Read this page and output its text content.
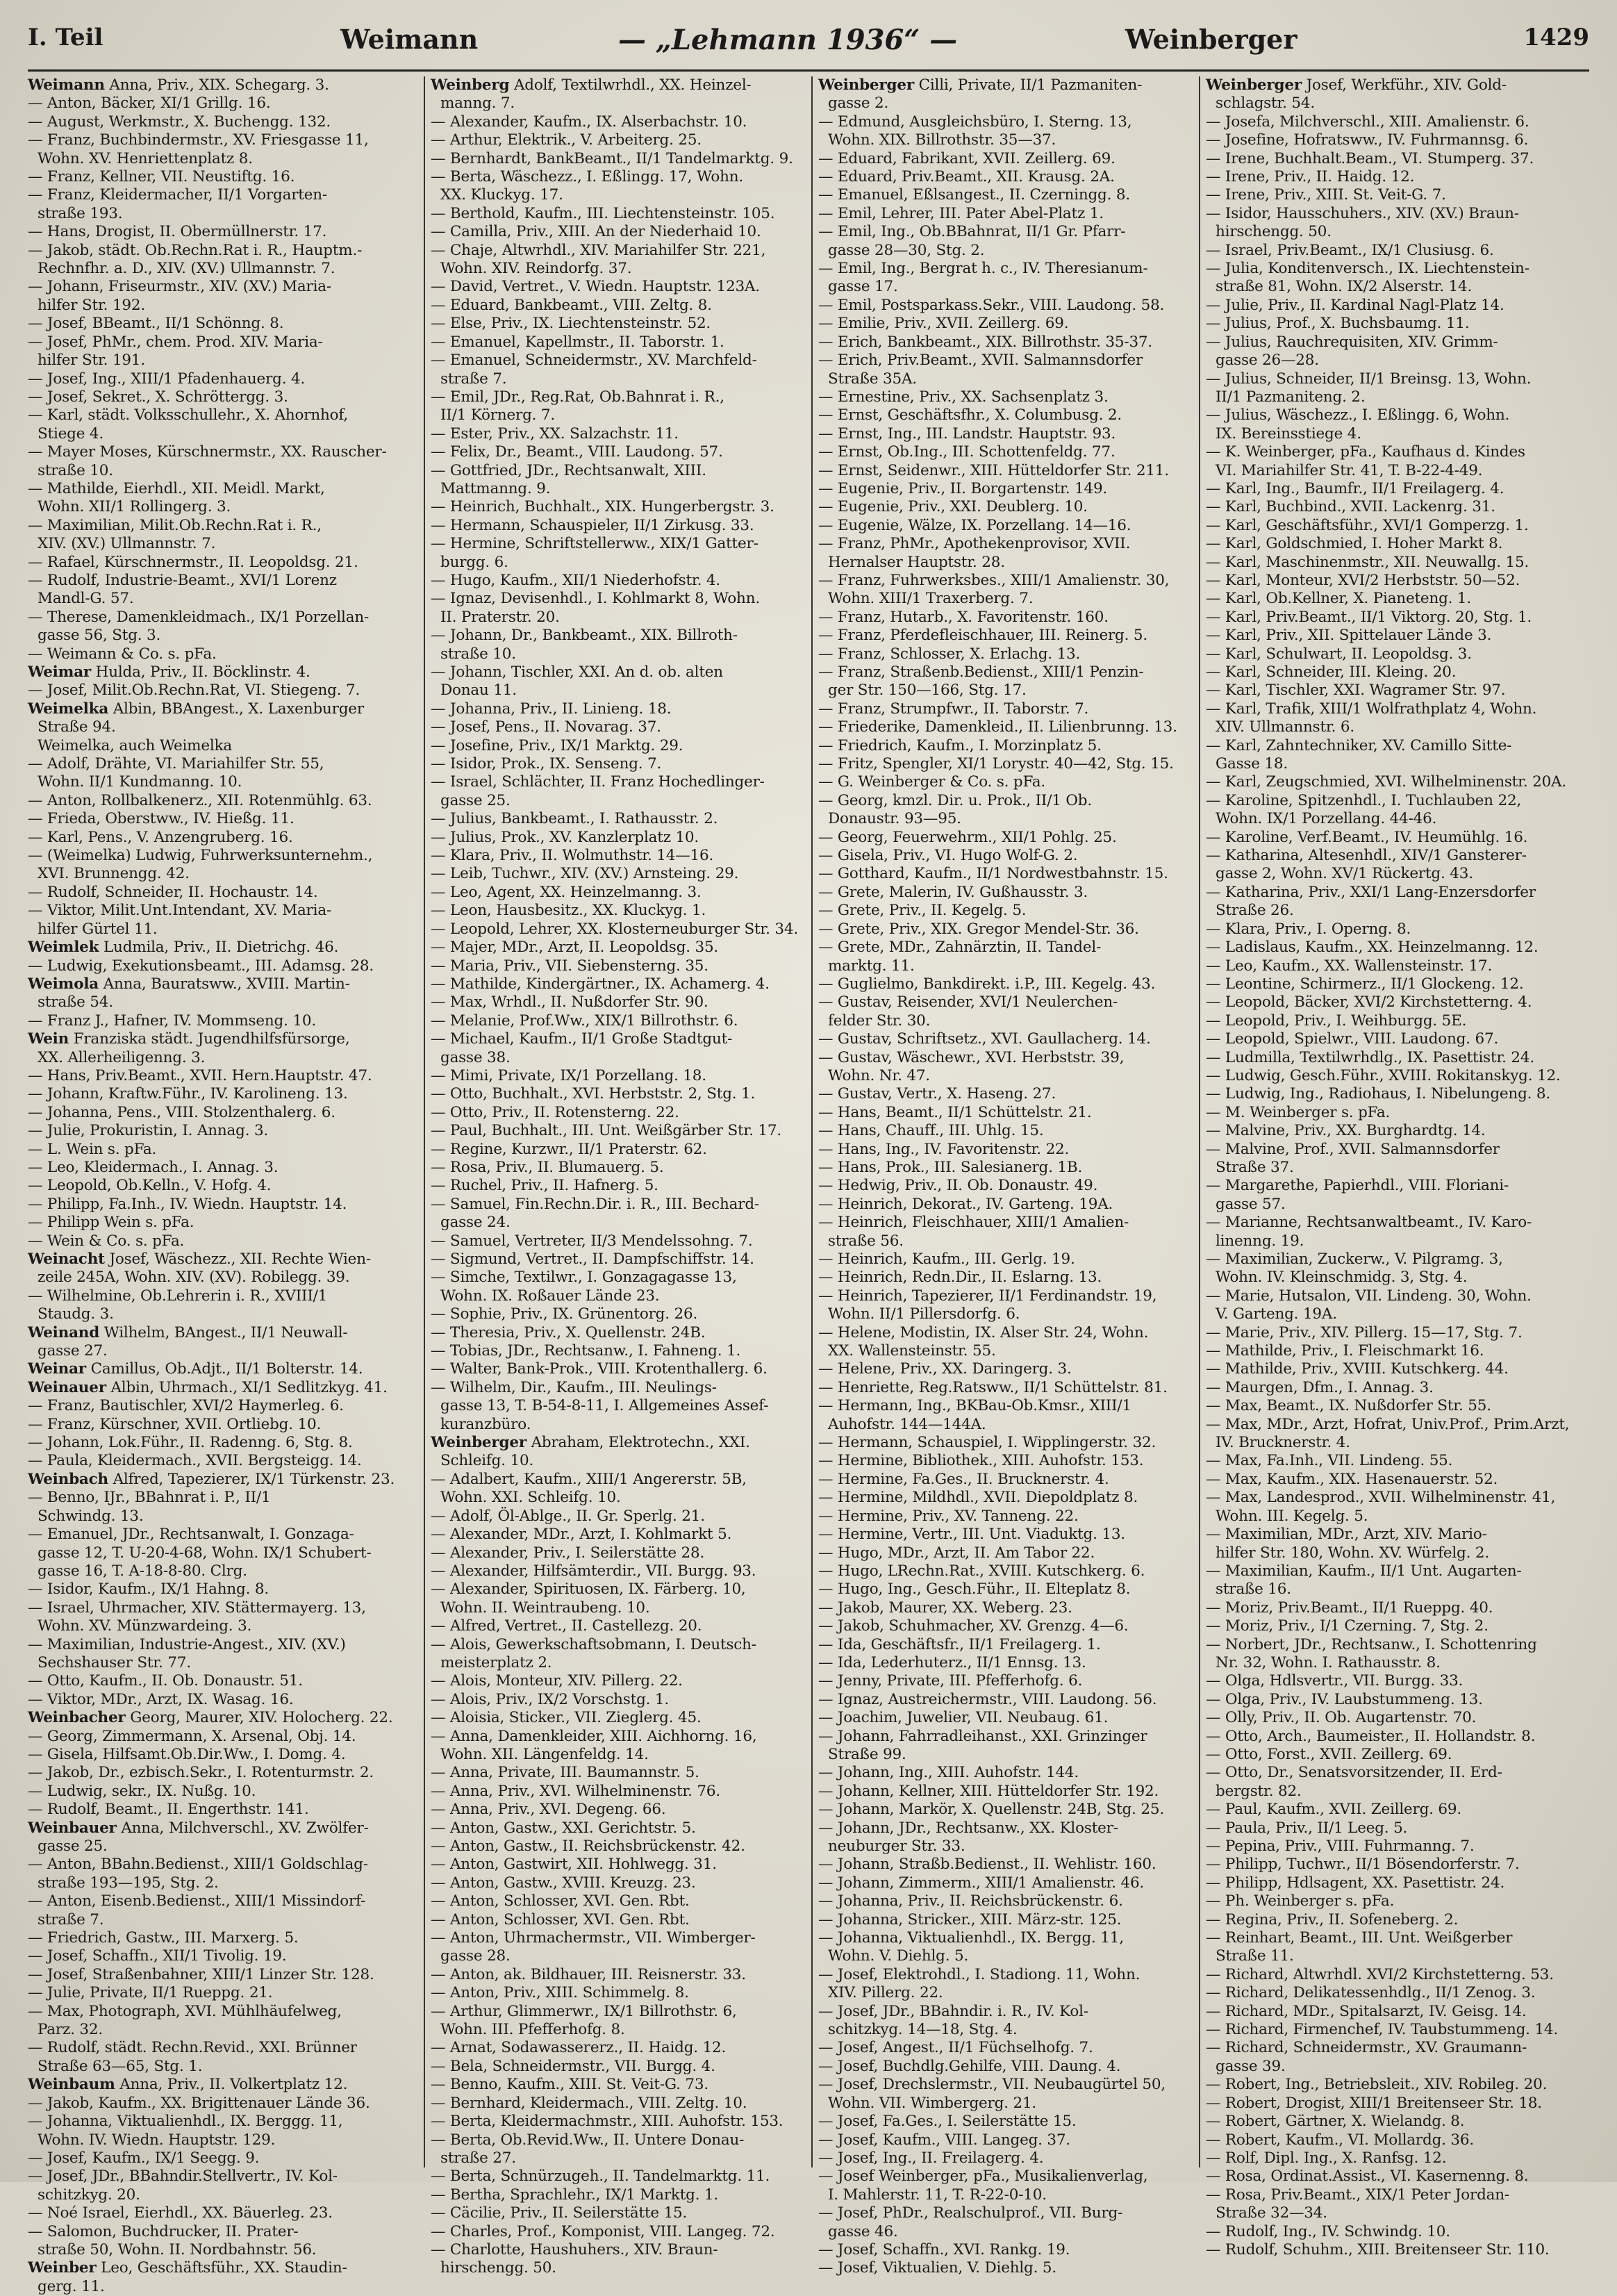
I. Teil	Weimann	— „Lehmann 1936“ —	Weinberger	1429
Weimann Anna, Priv., XIX. Schegarg. 3.
— Anton, Bäcker, XI/1 Grillg. 16.
— August, Werkmstr., X. Buchengg. 132.
— Franz, Buchbindermstr., XV. Friesgasse 11,
Wohn. XV. Henriettenplatz 8.
— Franz, Kellner, VII. Neustiftg. 16.
— Franz, Kleidermacher, II/1 Vorgarten-
straße 193.
— Hans, Drogist, II. Obermüllnerstr. 17.
— Jakob, städt. Ob.Rechn.Rat i. R., Hauptm.-
Rechnfhr. a. D., XIV. (XV.) Ullmannstr. 7.
— Johann, Friseurmstr., XIV. (XV.) Maria-
hilfer Str. 192.
— Josef, BBeamt., II/1 Schönng. 8.
— Josef, PhMr., chem. Prod. XIV. Maria-
hilfer Str. 191.
— Josef, Ing., XIII/1 Pfadenhauerg. 4.
— Josef, Sekret., X. Schröttergg. 3.
— Karl, städt. Volksschullehr., X. Ahornhof,
Stiege 4.
— Mayer Moses, Kürschnermstr., XX. Rauscher-
straße 10.
— Mathilde, Eierhdl., XII. Meidl. Markt,
Wohn. XII/1 Rollingerg. 3.
— Maximilian, Milit.Ob.Rechn.Rat i. R.,
XIV. (XV.) Ullmannstr. 7.
— Rafael, Kürschnermstr., II. Leopoldsg. 21.
— Rudolf, Industrie-Beamt., XVI/1 Lorenz
Mandl-G. 57.
— Therese, Damenkleidmach., IX/1 Porzellan-
gasse 56, Stg. 3.
— Weimann & Co. s. pFa.
Weimar Hulda, Priv., II. Böcklinstr. 4.
— Josef, Milit.Ob.Rechn.Rat, VI. Stiegeng. 7.
Weimelka Albin, BBAngest., X. Laxenburger
Straße 94.
Weimelka, auch Weimelka
— Adolf, Drähte, VI. Mariahilfer Str. 55,
Wohn. II/1 Kundmanng. 10.
— Anton, Rollbalkenerz., XII. Rotenmühlg. 63.
— Frieda, Oberstww., IV. Hießg. 11.
— Karl, Pens., V. Anzengruberg. 16.
— (Weimelka) Ludwig, Fuhrwerksunternehm.,
XVI. Brunnengg. 42.
— Rudolf, Schneider, II. Hochaustr. 14.
— Viktor, Milit.Unt.Intendant, XV. Maria-
hilfer Gürtel 11.
Weimlek Ludmila, Priv., II. Dietrichg. 46.
— Ludwig, Exekutionsbeamt., III. Adamsg. 28.
Weimola Anna, Bauratsww., XVIII. Martin-
straße 54.
— Franz J., Hafner, IV. Mommseng. 10.
Wein Franziska städt. Jugendhilfsfürsorge,
XX. Allerheiligenng. 3.
— Hans, Priv.Beamt., XVII. Hern.Hauptstr. 47.
— Johann, Kraftw.Führ., IV. Karolineng. 13.
— Johanna, Pens., VIII. Stolzenthalerg. 6.
— Julie, Prokuristin, I. Annag. 3.
— L. Wein s. pFa.
— Leo, Kleidermach., I. Annag. 3.
— Leopold, Ob.Kelln., V. Hofg. 4.
— Philipp, Fa.Inh., IV. Wiedn. Hauptstr. 14.
— Philipp Wein s. pFa.
— Wein & Co. s. pFa.
Weinacht Josef, Wäschezz., XII. Rechte Wien-
zeile 245A, Wohn. XIV. (XV). Robilegg. 39.
— Wilhelmine, Ob.Lehrerin i. R., XVIII/1
Staudg. 3.
Weinand Wilhelm, BAngest., II/1 Neuwall-
gasse 27.
Weinar Camillus, Ob.Adjt., II/1 Bolterstr. 14.
Weinauer Albin, Uhrmach., XI/1 Sedlitzkyg. 41.
— Franz, Bautischler, XVI/2 Haymerleg. 6.
— Franz, Kürschner, XVII. Ortliebg. 10.
— Johann, Lok.Führ., II. Radenng. 6, Stg. 8.
— Paula, Kleidermach., XVII. Bergsteigg. 14.
Weinbach Alfred, Tapezierer, IX/1 Türkenstr. 23.
— Benno, IJr., BBahnrat i. P., II/1
Schwindg. 13.
— Emanuel, JDr., Rechtsanwalt, I. Gonzaga-
gasse 12, T. U-20-4-68, Wohn. IX/1 Schubert-
gasse 16, T. A-18-8-80. Clrg.
— Isidor, Kaufm., IX/1 Hahng. 8.
— Israel, Uhrmacher, XIV. Stättermayerg. 13,
Wohn. XV. Münzwardeing. 3.
— Maximilian, Industrie-Angest., XIV. (XV.)
Sechshauser Str. 77.
— Otto, Kaufm., II. Ob. Donaustr. 51.
— Viktor, MDr., Arzt, IX. Wasag. 16.
Weinbacher Georg, Maurer, XIV. Holocherg. 22.
— Georg, Zimmermann, X. Arsenal, Obj. 14.
— Gisela, Hilfsamt.Ob.Dir.Ww., I. Domg. 4.
— Jakob, Dr., ezbisch.Sekr., I. Rotenturmstr. 2.
— Ludwig, sekr., IX. Nußg. 10.
— Rudolf, Beamt., II. Engerthstr. 141.
Weinbauer Anna, Milchverschl., XV. Zwölfer-
gasse 25.
— Anton, BBahn.Bedienst., XIII/1 Goldschlag-
straße 193—195, Stg. 2.
— Anton, Eisenb.Bedienst., XIII/1 Missindorf-
straße 7.
— Friedrich, Gastw., III. Marxerg. 5.
— Josef, Schaffn., XII/1 Tivolig. 19.
— Josef, Straßenbahner, XIII/1 Linzer Str. 128.
— Julie, Private, II/1 Rueppg. 21.
— Max, Photograph, XVI. Mühlhäufelweg,
Parz. 32.
— Rudolf, städt. Rechn.Revid., XXI. Brünner
Straße 63—65, Stg. 1.
Weinbaum Anna, Priv., II. Volkertplatz 12.
— Jakob, Kaufm., XX. Brigittenauer Lände 36.
— Johanna, Viktualienhdl., IX. Berggg. 11,
Wohn. IV. Wiedn. Hauptstr. 129.
— Josef, Kaufm., IX/1 Seegg. 9.
— Josef, JDr., BBahndir.Stellvertr., IV. Kol-
schitzkyg. 20.
— Noé Israel, Eierhdl., XX. Bäuerleg. 23.
— Salomon, Buchdrucker, II. Prater-
straße 50, Wohn. II. Nordbahnstr. 56.
Weinber Leo, Geschäftsführ., XX. Staudin-
gerg. 11.
Weinberg Adolf, Textilwrhdl., XX. Heinzel-
manng. 7.
— Alexander, Kaufm., IX. Alserbachstr. 10.
— Arthur, Elektrik., V. Arbeiterg. 25.
— Bernhardt, BankBeamt., II/1 Tandelmarktg. 9.
— Berta, Wäschezz., I. Eßlingg. 17, Wohn.
XX. Kluckyg. 17.
— Berthold, Kaufm., III. Liechtensteinstr. 105.
— Camilla, Priv., XIII. An der Niederhaid 10.
— Chaje, Altwrhdl., XIV. Mariahilfer Str. 221,
Wohn. XIV. Reindorfg. 37.
— David, Vertret., V. Wiedn. Hauptstr. 123A.
— Eduard, Bankbeamt., VIII. Zeltg. 8.
— Else, Priv., IX. Liechtensteinstr. 52.
— Emanuel, Kapellmstr., II. Taborstr. 1.
— Emanuel, Schneidermstr., XV. Marchfeld-
straße 7.
— Emil, JDr., Reg.Rat, Ob.Bahnrat i. R.,
II/1 Körnerg. 7.
— Ester, Priv., XX. Salzachstr. 11.
— Felix, Dr., Beamt., VIII. Laudong. 57.
— Gottfried, JDr., Rechtsanwalt, XIII.
Mattmanng. 9.
— Heinrich, Buchhalt., XIX. Hungerbergstr. 3.
— Hermann, Schauspieler, II/1 Zirkusg. 33.
— Hermine, Schriftstellerww., XIX/1 Gatter-
burgg. 6.
— Hugo, Kaufm., XII/1 Niederhofstr. 4.
— Ignaz, Devisenhdl., I. Kohlmarkt 8, Wohn.
II. Praterstr. 20.
— Johann, Dr., Bankbeamt., XIX. Billroth-
straße 10.
— Johann, Tischler, XXI. An d. ob. alten
Donau 11.
— Johanna, Priv., II. Linieng. 18.
— Josef, Pens., II. Novarag. 37.
— Josefine, Priv., IX/1 Marktg. 29.
— Isidor, Prok., IX. Senseng. 7.
— Israel, Schlächter, II. Franz Hochedlinger-
gasse 25.
— Julius, Bankbeamt., I. Rathausstr. 2.
— Julius, Prok., XV. Kanzlerplatz 10.
— Klara, Priv., II. Wolmuthstr. 14—16.
— Leib, Tuchwr., XIV. (XV.) Arnsteing. 29.
— Leo, Agent, XX. Heinzelmanng. 3.
— Leon, Hausbesitz., XX. Kluckyg. 1.
— Leopold, Lehrer, XX. Klosterneuburger Str. 34.
— Majer, MDr., Arzt, II. Leopoldsg. 35.
— Maria, Priv., VII. Siebensterng. 35.
— Mathilde, Kindergärtner., IX. Achamerg. 4.
— Max, Wrhdl., II. Nußdorfer Str. 90.
— Melanie, Prof.Ww., XIX/1 Billrothstr. 6.
— Michael, Kaufm., II/1 Große Stadtgut-
gasse 38.
— Mimi, Private, IX/1 Porzellang. 18.
— Otto, Buchhalt., XVI. Herbststr. 2, Stg. 1.
— Otto, Priv., II. Rotensterng. 22.
— Paul, Buchhalt., III. Unt. Weißgärber Str. 17.
— Regine, Kurzwr., II/1 Praterstr. 62.
— Rosa, Priv., II. Blumauerg. 5.
— Ruchel, Priv., II. Hafnerg. 5.
— Samuel, Fin.Rechn.Dir. i. R., III. Bechard-
gasse 24.
— Samuel, Vertreter, II/3 Mendelssohng. 7.
— Sigmund, Vertret., II. Dampfschiffstr. 14.
— Simche, Textilwr., I. Gonzagagasse 13,
Wohn. IX. Roßauer Lände 23.
— Sophie, Priv., IX. Grünentorg. 26.
— Theresia, Priv., X. Quellenstr. 24B.
— Tobias, JDr., Rechtsanw., I. Fahneng. 1.
— Walter, Bank-Prok., VIII. Krotenthallerg. 6.
— Wilhelm, Dir., Kaufm., III. Neulings-
gasse 13, T. B-54-8-11, I. Allgemeines Assef-
kuranzbüro.
Weinberger Abraham, Elektrotechn., XXI.
Schleifg. 10.
— Adalbert, Kaufm., XIII/1 Angererstr. 5B,
Wohn. XXI. Schleifg. 10.
— Adolf, Öl-Ablge., II. Gr. Sperlg. 21.
— Alexander, MDr., Arzt, I. Kohlmarkt 5.
— Alexander, Priv., I. Seilerstätte 28.
— Alexander, Hilfsämterdir., VII. Burgg. 93.
— Alexander, Spirituosen, IX. Färberg. 10,
Wohn. II. Weintraubeng. 10.
— Alfred, Vertret., II. Castellezg. 20.
— Alois, Gewerkschaftsobmann, I. Deutsch-
meisterplatz 2.
— Alois, Monteur, XIV. Pillerg. 22.
— Alois, Priv., IX/2 Vorschstg. 1.
— Aloisia, Sticker., VII. Zieglerg. 45.
— Anna, Damenkleider, XIII. Aichhorng. 16,
Wohn. XII. Längenfeldg. 14.
— Anna, Private, III. Baumannstr. 5.
— Anna, Priv., XVI. Wilhelminenstr. 76.
— Anna, Priv., XVI. Degeng. 66.
— Anton, Gastw., XXI. Gerichtstr. 5.
— Anton, Gastw., II. Reichsbrückenstr. 42.
— Anton, Gastwirt, XII. Hohlwegg. 31.
— Anton, Gastw., XVIII. Kreuzg. 23.
— Anton, Schlosser, XVI. Gen. Rbt.
— Anton, Schlosser, XVI. Gen. Rbt.
— Anton, Uhrmachermstr., VII. Wimberger-
gasse 28.
— Anton, ak. Bildhauer, III. Reisnerstr. 33.
— Anton, Priv., XIII. Schimmelg. 8.
— Arthur, Glimmerwr., IX/1 Billrothstr. 6,
Wohn. III. Pfefferhofg. 8.
— Arnat, Sodawassererz., II. Haidg. 12.
— Bela, Schneidermstr., VII. Burgg. 4.
— Benno, Kaufm., XIII. St. Veit-G. 73.
— Bernhard, Kleidermach., VIII. Zeltg. 10.
— Berta, Kleidermachmstr., XIII. Auhofstr. 153.
— Berta, Ob.Revid.Ww., II. Untere Donau-
straße 27.
— Berta, Schnürzugeh., II. Tandelmarktg. 11.
— Bertha, Sprachlehr., IX/1 Marktg. 1.
— Cäcilie, Priv., II. Seilerstätte 15.
— Charles, Prof., Komponist, VIII. Langeg. 72.
— Charlotte, Haushuhers., XIV. Braun-
hirschengg. 50.
Weinberger Cilli, Private, II/1 Pazmaniten-
gasse 2.
— Edmund, Ausgleichsbüro, I. Sterng. 13,
Wohn. XIX. Billrothstr. 35—37.
— Eduard, Fabrikant, XVII. Zeillerg. 69.
— Eduard, Priv.Beamt., XII. Krausg. 2A.
— Emanuel, Eßlsangest., II. Czerningg. 8.
— Emil, Lehrer, III. Pater Abel-Platz 1.
— Emil, Ing., Ob.BBahnrat, II/1 Gr. Pfarr-
gasse 28—30, Stg. 2.
— Emil, Ing., Bergrat h. c., IV. Theresianum-
gasse 17.
— Emil, Postsparkass.Sekr., VIII. Laudong. 58.
— Emilie, Priv., XVII. Zeillerg. 69.
— Erich, Bankbeamt., XIX. Billrothstr. 35-37.
— Erich, Priv.Beamt., XVII. Salmannsdorfer
Straße 35A.
— Ernestine, Priv., XX. Sachsenplatz 3.
— Ernst, Geschäftsfhr., X. Columbusg. 2.
— Ernst, Ing., III. Landstr. Hauptstr. 93.
— Ernst, Ob.Ing., III. Schottenfeldg. 77.
— Ernst, Seidenwr., XIII. Hütteldorfer Str. 211.
— Eugenie, Priv., II. Borgartenstr. 149.
— Eugenie, Priv., XXI. Deublerg. 10.
— Eugenie, Wälze, IX. Porzellang. 14—16.
— Franz, PhMr., Apothekenprovisor, XVII.
Hernalser Hauptstr. 28.
— Franz, Fuhrwerksbes., XIII/1 Amalienstr. 30,
Wohn. XIII/1 Traxerberg. 7.
— Franz, Hutarb., X. Favoritenstr. 160.
— Franz, Pferdefleischhauer, III. Reinerg. 5.
— Franz, Schlosser, X. Erlachg. 13.
— Franz, Straßenb.Bedienst., XIII/1 Penzin-
ger Str. 150—166, Stg. 17.
— Franz, Strumpfwr., II. Taborstr. 7.
— Friederike, Damenkleid., II. Lilienbrunng. 13.
— Friedrich, Kaufm., I. Morzinplatz 5.
— Fritz, Spengler, XI/1 Lorystr. 40—42, Stg. 15.
— G. Weinberger & Co. s. pFa.
— Georg, kmzl. Dir. u. Prok., II/1 Ob.
Donaustr. 93—95.
— Georg, Feuerwehrm., XII/1 Pohlg. 25.
— Gisela, Priv., VI. Hugo Wolf-G. 2.
— Gotthard, Kaufm., II/1 Nordwestbahnstr. 15.
— Grete, Malerin, IV. Gußhausstr. 3.
— Grete, Priv., II. Kegelg. 5.
— Grete, Priv., XIX. Gregor Mendel-Str. 36.
— Grete, MDr., Zahnärztin, II. Tandel-
marktg. 11.
— Guglielmo, Bankdirekt. i.P., III. Kegelg. 43.
— Gustav, Reisender, XVI/1 Neulerchen-
felder Str. 30.
— Gustav, Schriftsetz., XVI. Gaullacherg. 14.
— Gustav, Wäschewr., XVI. Herbststr. 39,
Wohn. Nr. 47.
— Gustav, Vertr., X. Haseng. 27.
— Hans, Beamt., II/1 Schüttelstr. 21.
— Hans, Chauff., III. Uhlg. 15.
— Hans, Ing., IV. Favoritenstr. 22.
— Hans, Prok., III. Salesianerg. 1B.
— Hedwig, Priv., II. Ob. Donaustr. 49.
— Heinrich, Dekorat., IV. Garteng. 19A.
— Heinrich, Fleischhauer, XIII/1 Amalien-
straße 56.
— Heinrich, Kaufm., III. Gerlg. 19.
— Heinrich, Redn.Dir., II. Eslarng. 13.
— Heinrich, Tapezierer, II/1 Ferdinandstr. 19,
Wohn. II/1 Pillersdorfg. 6.
— Helene, Modistin, IX. Alser Str. 24, Wohn.
XX. Wallensteinstr. 55.
— Helene, Priv., XX. Daringerg. 3.
— Henriette, Reg.Ratsww., II/1 Schüttelstr. 81.
— Hermann, Ing., BKBau-Ob.Kmsr., XIII/1
Auhofstr. 144—144A.
— Hermann, Schauspiel, I. Wipplingerstr. 32.
— Hermine, Bibliothek., XIII. Auhofstr. 153.
— Hermine, Fa.Ges., II. Brucknerstr. 4.
— Hermine, Mildhdl., XVII. Diepoldplatz 8.
— Hermine, Priv., XV. Tanneng. 22.
— Hermine, Vertr., III. Unt. Viaduktg. 13.
— Hugo, MDr., Arzt, II. Am Tabor 22.
— Hugo, LRechn.Rat., XVIII. Kutschkerg. 6.
— Hugo, Ing., Gesch.Führ., II. Elteplatz 8.
— Jakob, Maurer, XX. Weberg. 23.
— Jakob, Schuhmacher, XV. Grenzg. 4—6.
— Ida, Geschäftsfr., II/1 Freilagerg. 1.
— Ida, Lederhuterz., II/1 Ennsg. 13.
— Jenny, Private, III. Pfefferhofg. 6.
— Ignaz, Austreichermstr., VIII. Laudong. 56.
— Joachim, Juwelier, VII. Neubaug. 61.
— Johann, Fahrradleihanst., XXI. Grinzinger
Straße 99.
— Johann, Ing., XIII. Auhofstr. 144.
— Johann, Kellner, XIII. Hütteldorfer Str. 192.
— Johann, Markör, X. Quellenstr. 24B, Stg. 25.
— Johann, JDr., Rechtsanw., XX. Kloster-
neuburger Str. 33.
— Johann, Straßb.Bedienst., II. Wehlistr. 160.
— Johann, Zimmerm., XIII/1 Amalienstr. 46.
— Johanna, Priv., II. Reichsbrückenstr. 6.
— Johanna, Stricker., XIII. März-str. 125.
— Johanna, Viktualienhdl., IX. Bergg. 11,
Wohn. V. Diehlg. 5.
— Josef, Elektrohdl., I. Stadiong. 11, Wohn.
XIV. Pillerg. 22.
— Josef, JDr., BBahndir. i. R., IV. Kol-
schitzkyg. 14—18, Stg. 4.
— Josef, Angest., II/1 Füchselhofg. 7.
— Josef, Buchdlg.Gehilfe, VIII. Daung. 4.
— Josef, Drechslermstr., VII. Neubaugürtel 50,
Wohn. VII. Wimbergerg. 21.
— Josef, Fa.Ges., I. Seilerstätte 15.
— Josef, Kaufm., VIII. Langeg. 37.
— Josef, Ing., II. Freilagerg. 4.
— Josef Weinberger, pFa., Musikalienverlag,
I. Mahlerstr. 11, T. R-22-0-10.
— Josef, PhDr., Realschulprof., VII. Burg-
gasse 46.
— Josef, Schaffn., XVI. Rankg. 19.
— Josef, Viktualien, V. Diehlg. 5.
Weinberger Josef, Werkführ., XIV. Gold-
schlagstr. 54.
— Josefa, Milchverschl., XIII. Amalienstr. 6.
— Josefine, Hofratsww., IV. Fuhrmannsg. 6.
— Irene, Buchhalt.Beam., VI. Stumperg. 37.
— Irene, Priv., II. Haidg. 12.
— Irene, Priv., XIII. St. Veit-G. 7.
— Isidor, Hausschuhers., XIV. (XV.) Braun-
hirschengg. 50.
— Israel, Priv.Beamt., IX/1 Clusiusg. 6.
— Julia, Konditenversch., IX. Liechtenstein-
straße 81, Wohn. IX/2 Alserstr. 14.
— Julie, Priv., II. Kardinal Nagl-Platz 14.
— Julius, Prof., X. Buchsbaumg. 11.
— Julius, Rauchrequisiten, XIV. Grimm-
gasse 26—28.
— Julius, Schneider, II/1 Breinsg. 13, Wohn.
II/1 Pazmaniteng. 2.
— Julius, Wäschezz., I. Eßlingg. 6, Wohn.
IX. Bereinsstiege 4.
— K. Weinberger, pFa., Kaufhaus d. Kindes
VI. Mariahilfer Str. 41, T. B-22-4-49.
— Karl, Ing., Baumfr., II/1 Freilagerg. 4.
— Karl, Buchbind., XVII. Lackenrg. 31.
— Karl, Geschäftsführ., XVI/1 Gomperzg. 1.
— Karl, Goldschmied, I. Hoher Markt 8.
— Karl, Maschinenmstr., XII. Neuwallg. 15.
— Karl, Monteur, XVI/2 Herbststr. 50—52.
— Karl, Ob.Kellner, X. Pianeteng. 1.
— Karl, Priv.Beamt., II/1 Viktorg. 20, Stg. 1.
— Karl, Priv., XII. Spittelauer Lände 3.
— Karl, Schulwart, II. Leopoldsg. 3.
— Karl, Schneider, III. Kleing. 20.
— Karl, Tischler, XXI. Wagramer Str. 97.
— Karl, Trafik, XIII/1 Wolfrathplatz 4, Wohn.
XIV. Ullmannstr. 6.
— Karl, Zahntechniker, XV. Camillo Sitte-
Gasse 18.
— Karl, Zeugschmied, XVI. Wilhelminenstr. 20A.
— Karoline, Spitzenhdl., I. Tuchlauben 22,
Wohn. IX/1 Porzellang. 44-46.
— Karoline, Verf.Beamt., IV. Heumühlg. 16.
— Katharina, Altesenhdl., XIV/1 Gansterer-
gasse 2, Wohn. XV/1 Rückertg. 43.
— Katharina, Priv., XXI/1 Lang-Enzersdorfer
Straße 26.
— Klara, Priv., I. Operng. 8.
— Ladislaus, Kaufm., XX. Heinzelmanng. 12.
— Leo, Kaufm., XX. Wallensteinstr. 17.
— Leontine, Schirmerz., II/1 Glockeng. 12.
— Leopold, Bäcker, XVI/2 Kirchstetterng. 4.
— Leopold, Priv., I. Weihburgg. 5E.
— Leopold, Spielwr., VIII. Laudong. 67.
— Ludmilla, Textilwrhdlg., IX. Pasettistr. 24.
— Ludwig, Gesch.Führ., XVIII. Rokitanskyg. 12.
— Ludwig, Ing., Radiohaus, I. Nibelungeng. 8.
— M. Weinberger s. pFa.
— Malvine, Priv., XX. Burghardtg. 14.
— Malvine, Prof., XVII. Salmannsdorfer
Straße 37.
— Margarethe, Papierhdl., VIII. Floriani-
gasse 57.
— Marianne, Rechtsanwaltbeamt., IV. Karo-
linenng. 19.
— Maximilian, Zuckerw., V. Pilgramg. 3,
Wohn. IV. Kleinschmidg. 3, Stg. 4.
— Marie, Hutsalon, VII. Lindeng. 30, Wohn.
V. Garteng. 19A.
— Marie, Priv., XIV. Pillerg. 15—17, Stg. 7.
— Mathilde, Priv., I. Fleischmarkt 16.
— Mathilde, Priv., XVIII. Kutschkerg. 44.
— Maurgen, Dfm., I. Annag. 3.
— Max, Beamt., IX. Nußdorfer Str. 55.
— Max, MDr., Arzt, Hofrat, Univ.Prof., Prim.Arzt,
IV. Brucknerstr. 4.
— Max, Fa.Inh., VII. Lindeng. 55.
— Max, Kaufm., XIX. Hasenauerstr. 52.
— Max, Landesprod., XVII. Wilhelminenstr. 41,
Wohn. III. Kegelg. 5.
— Maximilian, MDr., Arzt, XIV. Mario-
hilfer Str. 180, Wohn. XV. Würfelg. 2.
— Maximilian, Kaufm., II/1 Unt. Augarten-
straße 16.
— Moriz, Priv.Beamt., II/1 Rueppg. 40.
— Moriz, Priv., I/1 Czerning. 7, Stg. 2.
— Norbert, JDr., Rechtsanw., I. Schottenring
Nr. 32, Wohn. I. Rathausstr. 8.
— Olga, Hdlsvertr., VII. Burgg. 33.
— Olga, Priv., IV. Laubstummeng. 13.
— Olly, Priv., II. Ob. Augartenstr. 70.
— Otto, Arch., Baumeister., II. Hollandstr. 8.
— Otto, Forst., XVII. Zeillerg. 69.
— Otto, Dr., Senatsvorsitzender, II. Erd-
bergstr. 82.
— Paul, Kaufm., XVII. Zeillerg. 69.
— Paula, Priv., II/1 Leeg. 5.
— Pepina, Priv., VIII. Fuhrmanng. 7.
— Philipp, Tuchwr., II/1 Bösendorferstr. 7.
— Philipp, Hdlsagent, XX. Pasettistr. 24.
— Ph. Weinberger s. pFa.
— Regina, Priv., II. Sofeneberg. 2.
— Reinhart, Beamt., III. Unt. Weißgerber
Straße 11.
— Richard, Altwrhdl. XVI/2 Kirchstetterng. 53.
— Richard, Delikatessenhdlg., II/1 Zenog. 3.
— Richard, MDr., Spitalsarzt, IV. Geisg. 14.
— Richard, Firmenchef, IV. Taubstummeng. 14.
— Richard, Schneidermstr., XV. Graumann-
gasse 39.
— Robert, Ing., Betriebsleit., XIV. Robileg. 20.
— Robert, Drogist, XIII/1 Breitenseer Str. 18.
— Robert, Gärtner, X. Wielandg. 8.
— Robert, Kaufm., VI. Mollardg. 36.
— Rolf, Dipl. Ing., X. Ranfsg. 12.
— Rosa, Ordinat.Assist., VI. Kasernenng. 8.
— Rosa, Priv.Beamt., XIX/1 Peter Jordan-
Straße 32—34.
— Rudolf, Ing., IV. Schwindg. 10.
— Rudolf, Schuhm., XIII. Breitenseer Str. 110.
